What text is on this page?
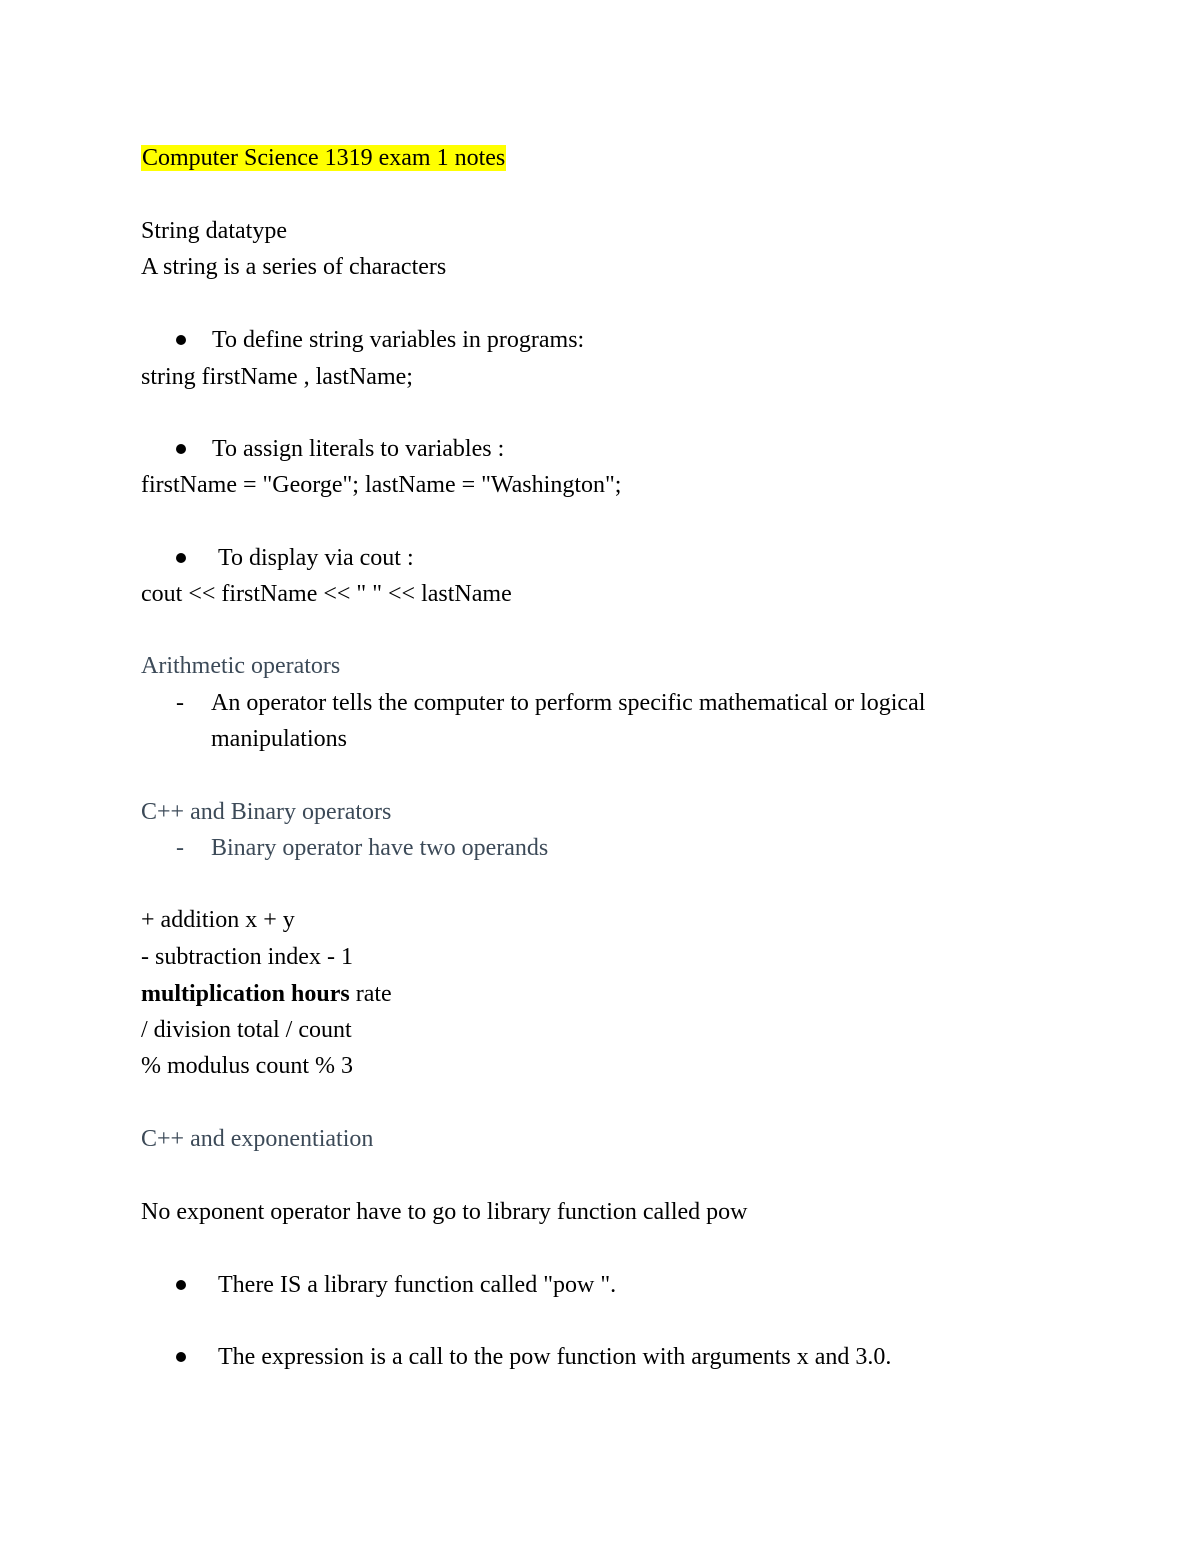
Computer Science 1319 exam 1 notes
String datatype
A string is a series of characters
To define string variables in programs:
string firstName , lastName;
To assign literals to variables :
firstName = "George"; lastName = "Washington";
To display via cout :
cout << firstName << " " << lastName
Arithmetic operators
- An operator tells the computer to perform specific mathematical or logical manipulations
C++ and Binary operators
- Binary operator have two operands
+ addition x + y
- subtraction index - 1
multiplication hours rate
/ division total / count
% modulus count % 3
C++ and exponentiation
No exponent operator have to go to library function called pow
There IS a library function called "pow ".
The expression is a call to the pow function with arguments x and 3.0.
